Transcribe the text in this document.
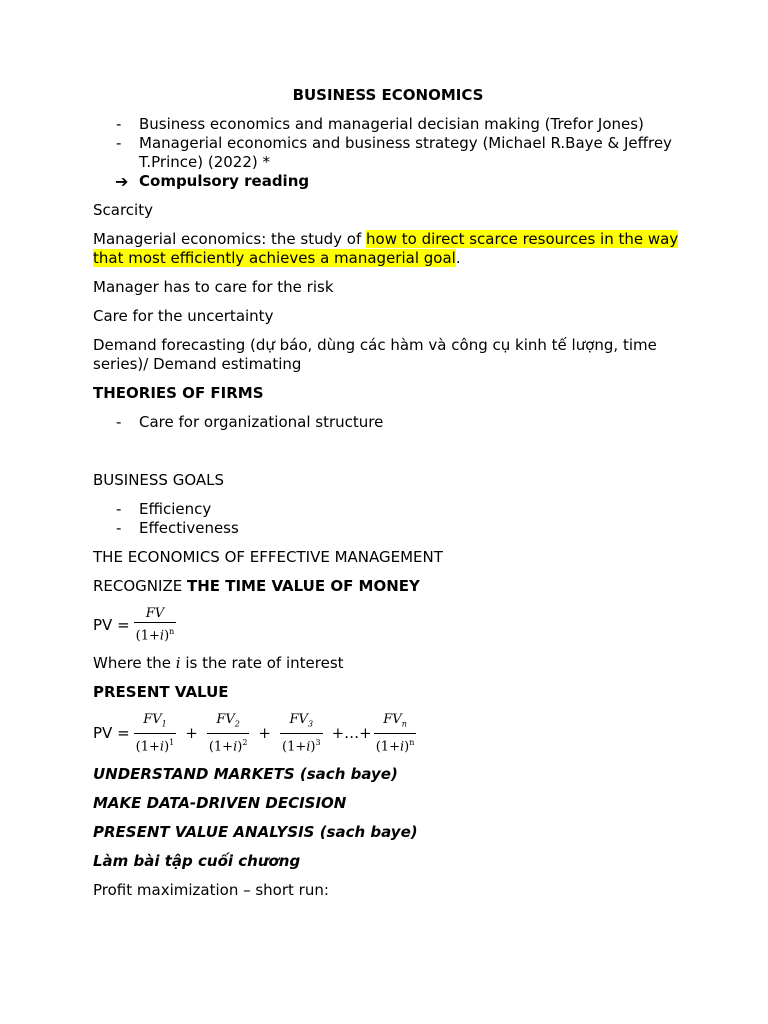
BUSINESS ECONOMICS

- Business economics and managerial decisian making (Trefor Jones)
- Managerial economics and business strategy (Michael R.Baye & Jeffrey T.Prince) (2022) *
➔ Compulsory reading

Scarcity

Managerial economics: the study of how to direct scarce resources in the way that most efficiently achieves a managerial goal.

Manager has to care for the risk

Care for the uncertainty

Demand forecasting (dự báo, dùng các hàm và công cụ kinh tế lượng, time series)/ Demand estimating

THEORIES OF FIRMS

- Care for organizational structure

BUSINESS GOALS

- Efficiency
- Effectiveness

THE ECONOMICS OF EFFECTIVE MANAGEMENT

RECOGNIZE THE TIME VALUE OF MONEY

PV = $\frac{FV}{(1+i)^n}$

Where the i is the rate of interest

PRESENT VALUE

PV = $\frac{FV_1}{(1+i)^1} + \frac{FV_2}{(1+i)^2} + \frac{FV_3}{(1+i)^3}$ +…+ $\frac{FV_n}{(1+i)^n}$

UNDERSTAND MARKETS (sach baye)

MAKE DATA-DRIVEN DECISION

PRESENT VALUE ANALYSIS (sach baye)

Làm bài tập cuối chương

Profit maximization – short run:
